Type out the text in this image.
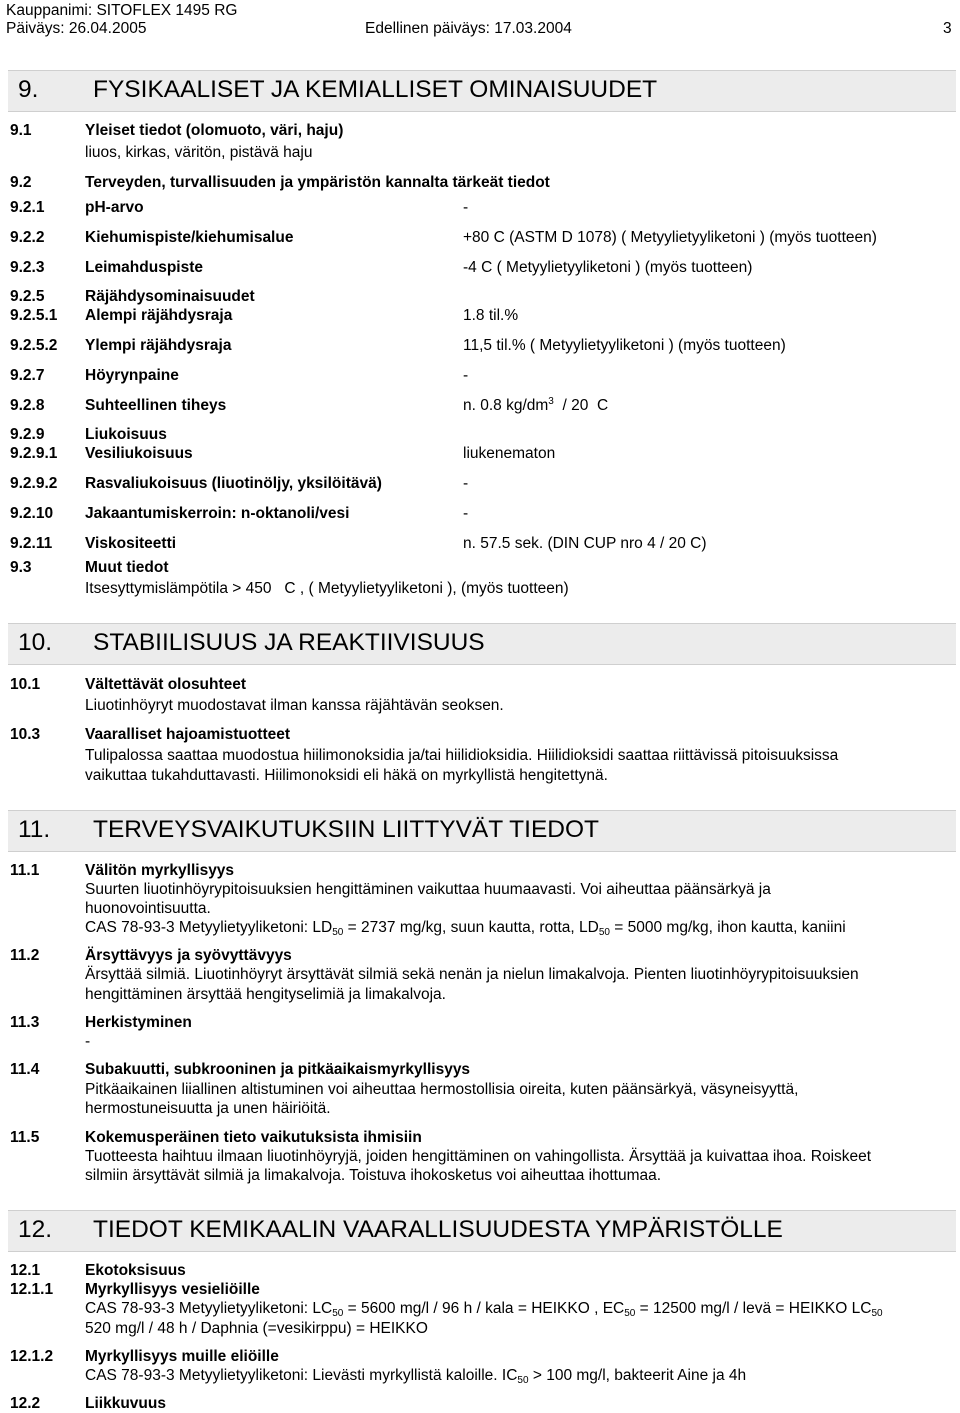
Kauppanimi: SITOFLEX 1495 RG
Päiväys: 26.04.2005	Edellinen päiväys: 17.03.2004	3
9. FYSIKAALISET JA KEMIALLISET OMINAISUUDET
9.1	Yleiset tiedot (olomuoto, väri, haju)
liuos, kirkas, väritön, pistävä haju
9.2	Terveyden, turvallisuuden ja ympäristön kannalta tärkeät tiedot
9.2.1	pH-arvo	-
9.2.2	Kiehumispiste/kiehumisalue	+80 C (ASTM D 1078) ( Metyylietyyliketoni ) (myös tuotteen)
9.2.3	Leimahduspiste	-4 C ( Metyylietyyliketoni ) (myös tuotteen)
9.2.5	Räjähdysominaisuudet
9.2.5.1 Alempi räjähdysraja	1.8 til.%
9.2.5.2 Ylempi räjähdysraja	11,5 til.% ( Metyylietyyliketoni ) (myös tuotteen)
9.2.7	Höyrynpaine	-
9.2.8	Suhteellinen tiheys	n. 0.8 $kg/dm^3 / 20$  C
9.2.9	Liukoisuus
9.2.9.1 Vesiliukoisuus	liukenematon
9.2.9.2 Rasvaliukoisuus (liuotinöljy, yksilöitävä)	-
9.2.10 Jakaantumiskerroin: n-oktanoli/vesi	-
9.2.11 Viskositeetti	n. 57.5 sek. (DIN CUP nro 4 / 20 C)
9.3	Muut tiedot
Itsesyttymislämpötila > 450   C , ( Metyylietyyliketoni ), (myös tuotteen)
10. STABIILISUUS JA REAKTIIVISUUS
10.1	Vältettävät olosuhteet
Liuotinhöyryt muodostavat ilman kanssa räjähtävän seoksen.
10.3	Vaaralliset hajoamistuotteet
Tulipalossa saattaa muodostua hiilimonoksidia ja/tai hiilidioksidia. Hiilidioksidi saattaa riittävissä pitoisuuksissa
vaikuttaa tukahduttavasti. Hiilimonoksidi eli häkä on myrkyllistä hengitettynä.
11. TERVEYSVAIKUTUKSIIN LIITTYVÄT TIEDOT
11.1	Välitön myrkyllisyys
Suurten liuotinhöyrypitoisuuksien hengittäminen vaikuttaa huumaavasti. Voi aiheuttaa päänsärkyä ja
huonovointisuutta.
CAS 78-93-3 Metyylietyyliketoni: LD50 = 2737 mg/kg, suun kautta, rotta, LD50 = 5000 mg/kg, ihon kautta, kaniini
11.2	Ärsyttävyys ja syövyttävyys
Ärsyttää silmiä. Liuotinhöyryt ärsyttävät silmiä sekä nenän ja nielun limakalvoja. Pienten liuotinhöyrypitoisuuksien
hengittäminen ärsyttää hengityselimiä ja limakalvoja.
11.3	Herkistyminen
-
11.4	Subakuutti, subkrooninen ja pitkäaikaismyrkyllisyys
Pitkäaikainen liiallinen altistuminen voi aiheuttaa hermostollisia oireita, kuten päänsärkyä, väsyneisyyttä,
hermostuneisuutta ja unen häiriöitä.
11.5	Kokemusperäinen tieto vaikutuksista ihmisiin
Tuotteesta haihtuu ilmaan liuotinhöyryjä, joiden hengittäminen on vahingollista. Ärsyttää ja kuivattaa ihoa. Roiskeet
silmiin ärsyttävät silmiä ja limakalvoja. Toistuva ihokosketus voi aiheuttaa ihottumaa.
12. TIEDOT KEMIKAALIN VAARALLISUUDESTA YMPÄRISTÖLLE
12.1	Ekotoksisuus
12.1.1 Myrkyllisyys vesieliöille
CAS 78-93-3 Metyylietyyliketoni: LC50 = 5600 mg/l / 96 h / kala = HEIKKO , EC50 = 12500 mg/l / levä = HEIKKO LC50
520 mg/l / 48 h / Daphnia (=vesikirppu) = HEIKKO
12.1.2 Myrkyllisyys muille eliöille
CAS 78-93-3 Metyylietyyliketoni: Lievästi myrkyllistä kaloille. IC50 > 100 mg/l, bakteerit Aine ja 4h
12.2	Liikkuvuus
